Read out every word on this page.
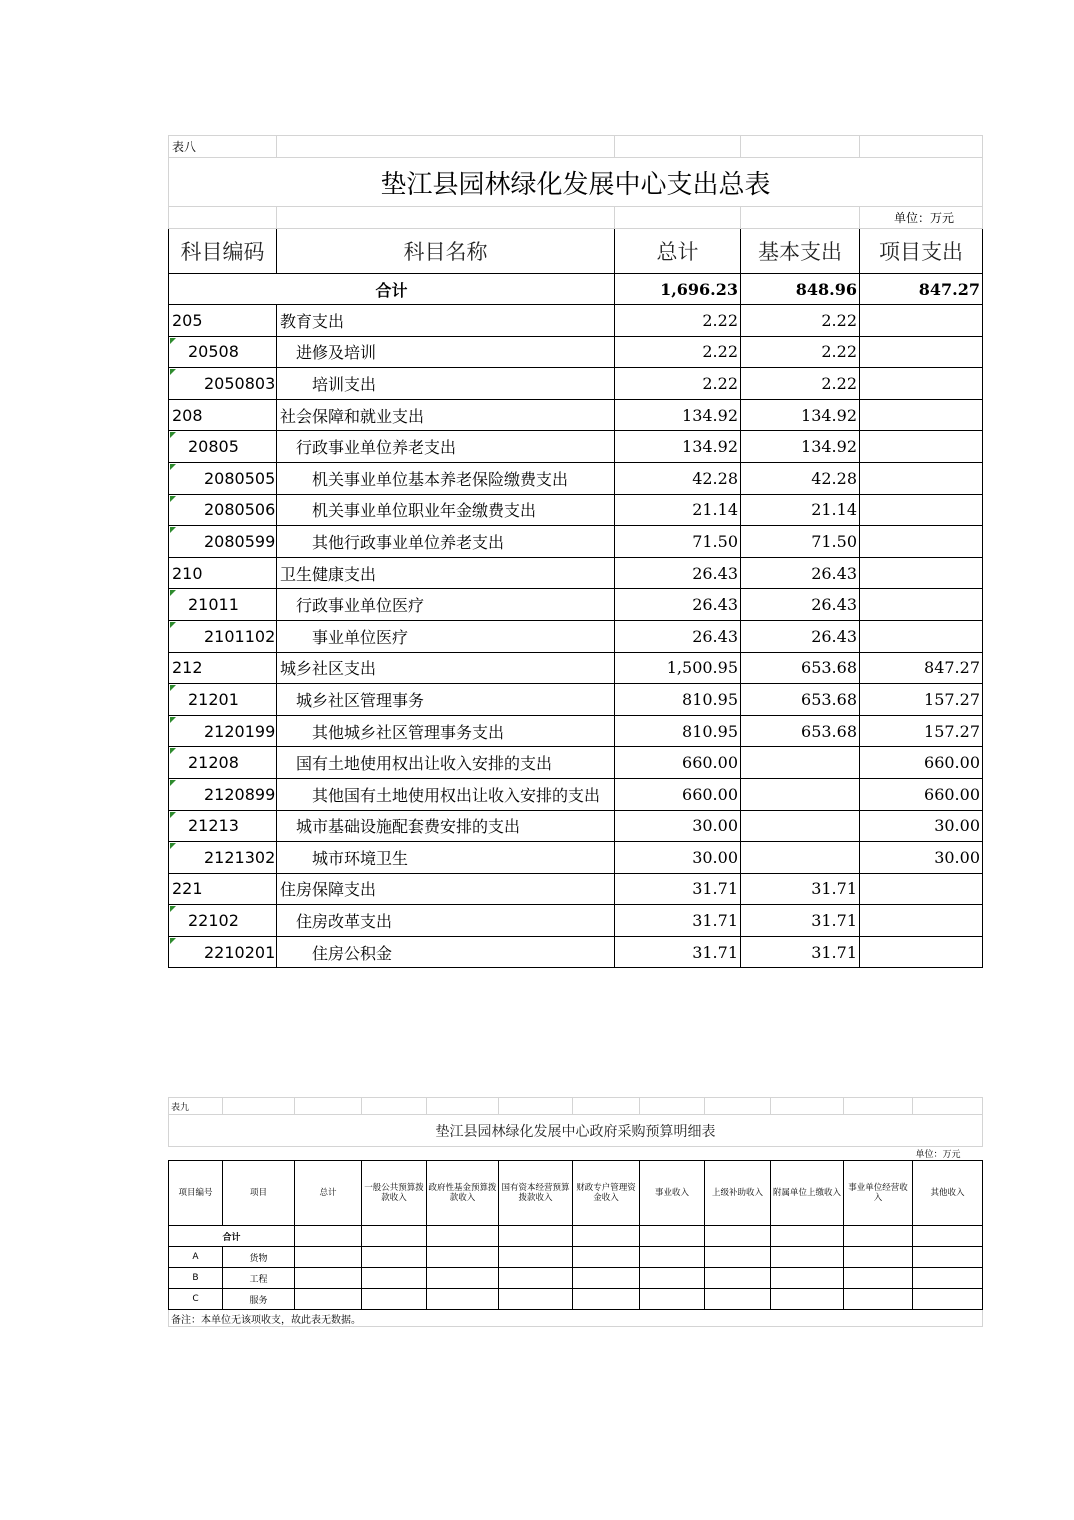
表八				
垫江县园林绿化发展中心支出总表				
				单位：万元
科目编码	科目名称	总计	基本支出	项目支出
合计		1,696.23	848.96	847.27
205	教育支出	2.22	2.22	
20508	进修及培训	2.22	2.22	
2050803	培训支出	2.22	2.22	
208	社会保障和就业支出	134.92	134.92	
20805	行政事业单位养老支出	134.92	134.92	
2080505	机关事业单位基本养老保险缴费支出	42.28	42.28	
2080506	机关事业单位职业年金缴费支出	21.14	21.14	
2080599	其他行政事业单位养老支出	71.50	71.50	
210	卫生健康支出	26.43	26.43	
21011	行政事业单位医疗	26.43	26.43	
2101102	事业单位医疗	26.43	26.43	
212	城乡社区支出	1,500.95	653.68	847.27
21201	城乡社区管理事务	810.95	653.68	157.27
2120199	其他城乡社区管理事务支出	810.95	653.68	157.27
21208	国有土地使用权出让收入安排的支出	660.00		660.00
2120899	其他国有土地使用权出让收入安排的支出	660.00		660.00
21213	城市基础设施配套费安排的支出	30.00		30.00
2121302	城市环境卫生	30.00		30.00
221	住房保障支出	31.71	31.71	
22102	住房改革支出	31.71	31.71	
2210201	住房公积金	31.71	31.71	
表九											
垫江县园林绿化发展中心政府采购预算明细表											
单位：万元											
项目编号	项目	总计	一般公共预算拨款收入	政府性基金预算拨款收入	国有资本经营预算拨款收入	财政专户管理资金收入	事业收入	上级补助收入	附属单位上缴收入	事业单位经营收入	其他收入
合计											
A	货物										
B	工程										
C	服务										
备注：本单位无该项收支，故此表无数据。											
